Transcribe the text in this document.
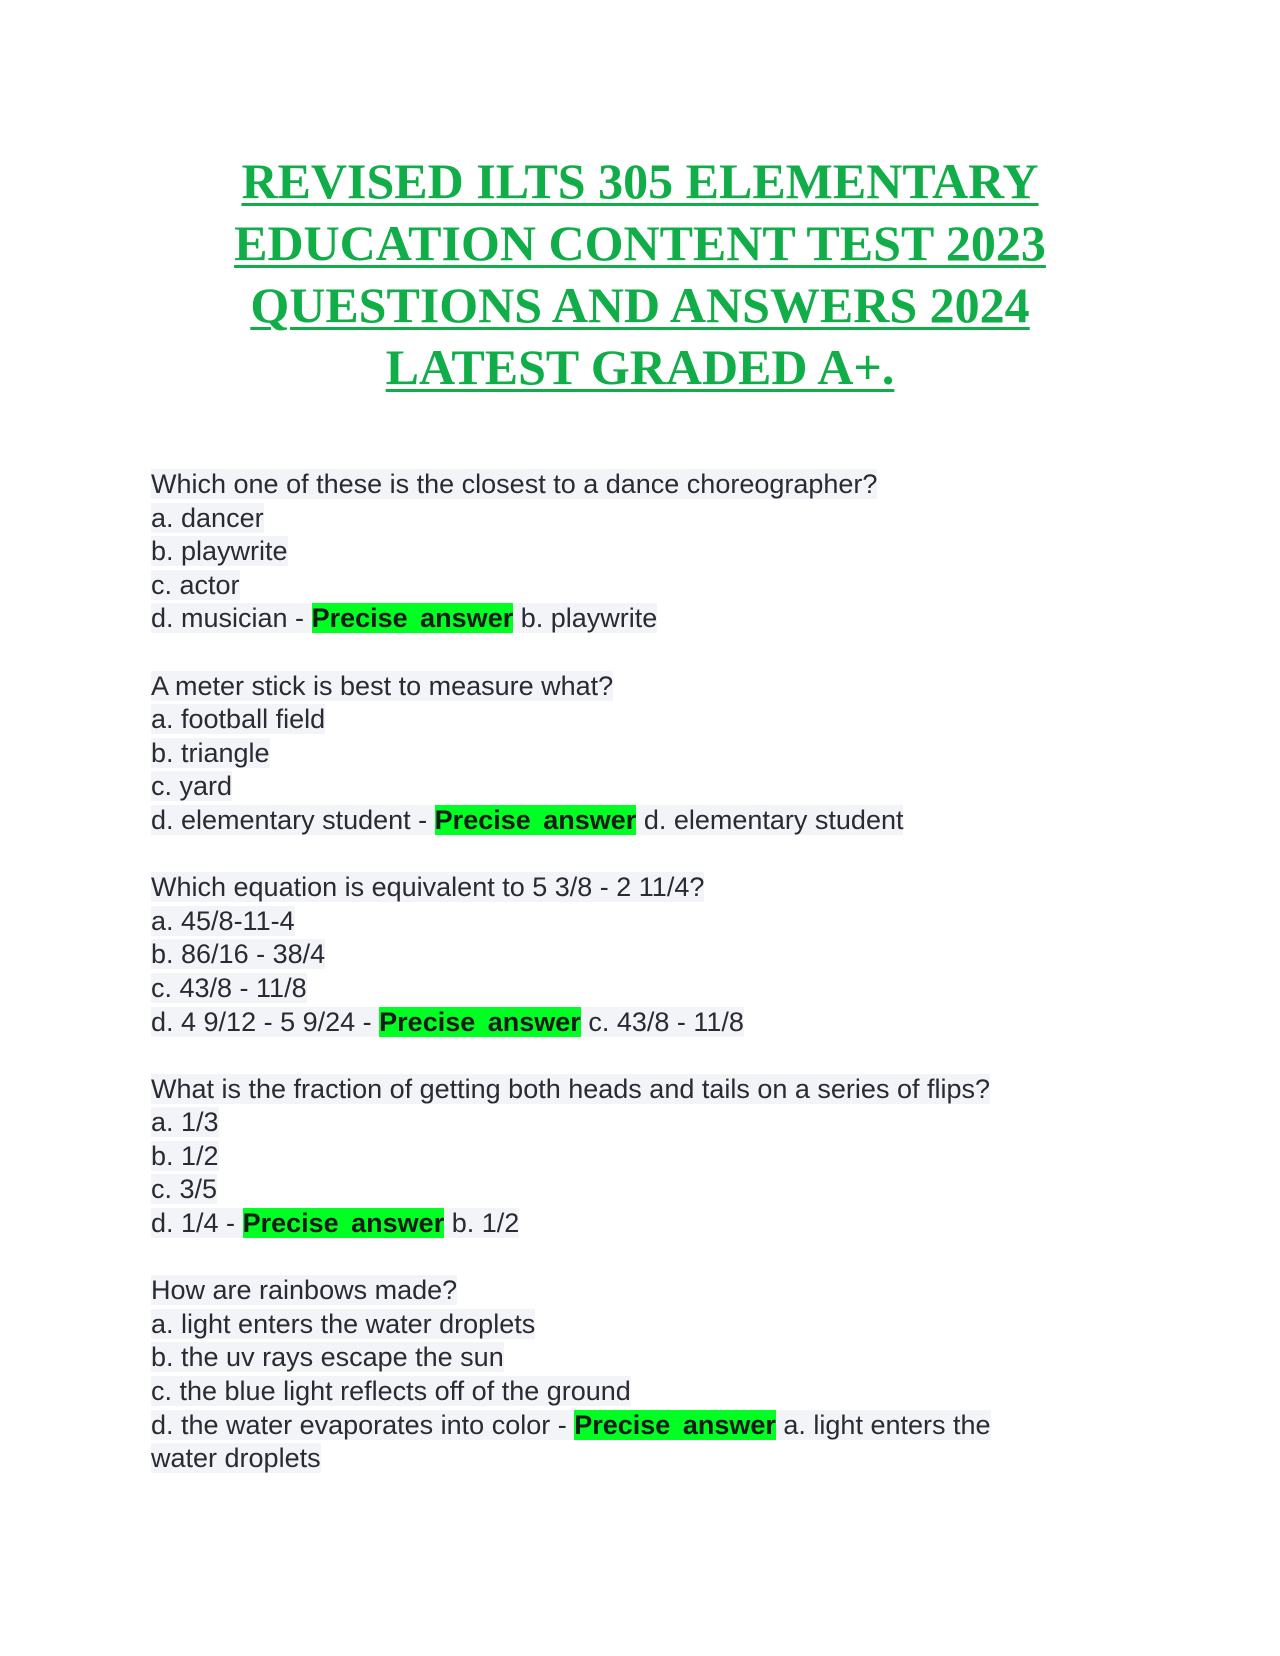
REVISED ILTS 305 ELEMENTARY
EDUCATION CONTENT TEST 2023
QUESTIONS AND ANSWERS 2024
LATEST GRADED A+.
Which one of these is the closest to a dance choreographer?
a. dancer
b. playwrite
c. actor
d. musician - Precise answer b. playwrite
A meter stick is best to measure what?
a. football field
b. triangle
c. yard
d. elementary student - Precise answer d. elementary student
Which equation is equivalent to 5 3/8 - 2 11/4?
a. 45/8-11-4
b. 86/16 - 38/4
c. 43/8 - 11/8
d. 4 9/12 - 5 9/24 - Precise answer c. 43/8 - 11/8
What is the fraction of getting both heads and tails on a series of flips?
a. 1/3
b. 1/2
c. 3/5
d. 1/4 - Precise answer b. 1/2
How are rainbows made?
a. light enters the water droplets
b. the uv rays escape the sun
c. the blue light reflects off of the ground
d. the water evaporates into color - Precise answer a. light enters the
water droplets
